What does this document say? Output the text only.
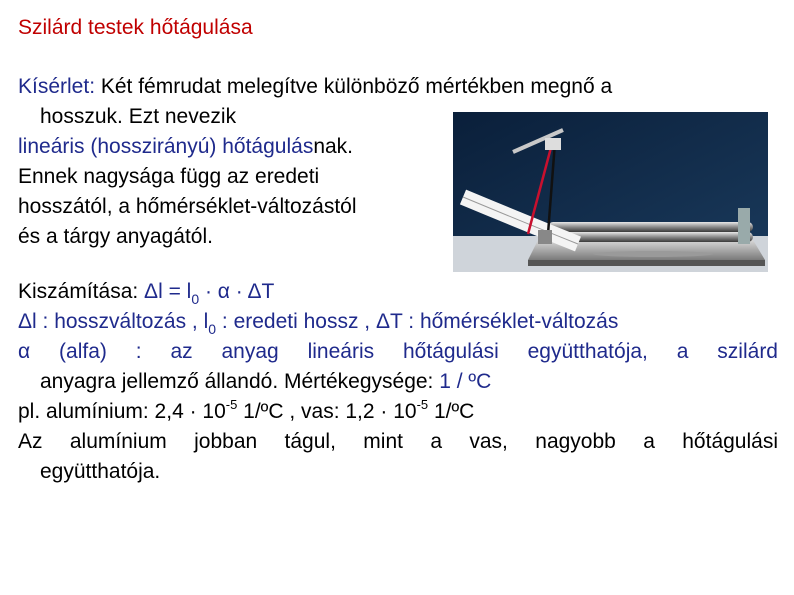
Szilárd testek hőtágulása
Kísérlet: Két fémrudat melegítve különböző mértékben megnő a
hosszuk. Ezt nevezik
lineáris (hosszirányú) hőtágulásnak.
Ennek nagysága függ az eredeti
hosszától, a hőmérséklet-változástól
és a tárgy anyagától.
Kiszámítása: $\Delta l = l_0 \cdot \alpha \cdot \Delta T$
Δl : hosszváltozás , $l_0$ : eredeti hossz , ΔT : hőmérséklet-változás
α (alfa) : az anyag lineáris hőtágulási együtthatója, a szilárd
anyagra jellemző állandó. Mértékegysége: 1 / ºC
pl. alumínium: $2,4 \cdot 10^{-5}$ 1/ºC , vas: $1,2 \cdot 10^{-5}$ 1/ºC
Az alumínium jobban tágul, mint a vas, nagyobb a hőtágulási
együtthatója.
